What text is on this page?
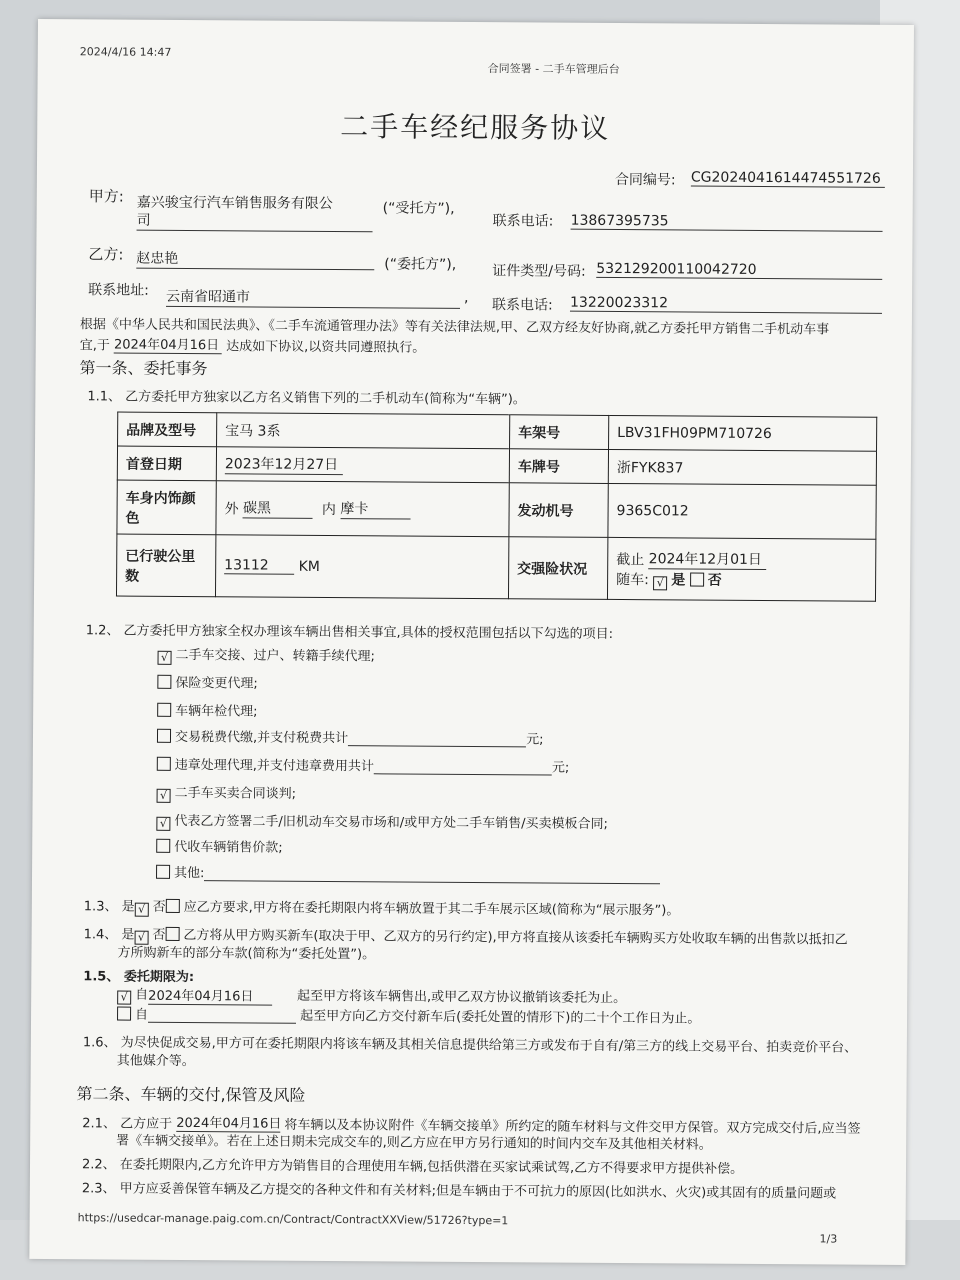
2024/4/16 14:47
合同签署 - 二手车管理后台
二手车经纪服务协议
合同编号: CG2024041614474551726
甲方: 嘉兴骏宝行汽车销售服务有限公
司
(“受托方”),
联系电话: 13867395735
乙方: 赵忠艳	(“委托方”),	证件类型/号码: 532129200110042720
联系地址: 云南省昭通市	, 联系电话: 13220023312
根据《中华人民共和国民法典》、《二手车流通管理办法》等有关法律法规,甲、乙双方经友好协商,就乙方委托甲方销售二手机动车事
宜,于 2024年04月16日 达成如下协议,以资共同遵照执行。
第一条、委托事务
1.1、 乙方委托甲方独家以乙方名义销售下列的二手机动车(简称为“车辆”)。
品牌及型号	宝马 3系	车架号	LBV31FH09PM710726
首登日期	2023年12月27日	车牌号	浙FYK837
车身内饰颜色	外 碳黑 内 摩卡	发动机号	9365C012
已行驶公里数	13112 KM	交强险状况	截止 2024年12月01日
随车: √ 是 否
1.2、 乙方委托甲方独家全权办理该车辆出售相关事宜,具体的授权范围包括以下勾选的项目:
√ 二手车交接、过户、转籍手续代理;
保险变更代理;
车辆年检代理;
交易税费代缴,并支付税费共计	元;
违章处理代理,并支付违章费用共计	元;
√ 二手车买卖合同谈判;
√ 代表乙方签署二手/旧机动车交易市场和/或甲方处二手车销售/买卖模板合同;
代收车辆销售价款;
其他:
1.3、 是 √ 否 应乙方要求,甲方将在委托期限内将车辆放置于其二手车展示区域(简称为“展示服务”)。
1.4、 是 √ 否 乙方将从甲方购买新车(取决于甲、乙双方的另行约定),甲方将直接从该委托车辆购买方处收取车辆的出售款以抵扣乙
方所购新车的部分车款(简称为“委托处置”)。
1.5、 委托期限为:
√ 自2024年04月16日	起至甲方将该车辆售出,或甲乙双方协议撤销该委托为止。
自	起至甲方向乙方交付新车后(委托处置的情形下)的二十个工作日为止。
1.6、 为尽快促成交易,甲方可在委托期限内将该车辆及其相关信息提供给第三方或发布于自有/第三方的线上交易平台、拍卖竞价平台、
其他媒介等。
第二条、车辆的交付,保管及风险
2.1、 乙方应于 2024年04月16日 将车辆以及本协议附件《车辆交接单》所约定的随车材料与文件交甲方保管。双方完成交付后,应当签
署《车辆交接单》。若在上述日期未完成交车的,则乙方应在甲方另行通知的时间内交车及其他相关材料。
2.2、 在委托期限内,乙方允许甲方为销售目的合理使用车辆,包括供潜在买家试乘试驾,乙方不得要求甲方提供补偿。
2.3、 甲方应妥善保管车辆及乙方提交的各种文件和有关材料;但是车辆由于不可抗力的原因(比如洪水、火灾)或其固有的质量问题或
https://usedcar-manage.paig.com.cn/Contract/ContractXXView/51726?type=1
1/3
